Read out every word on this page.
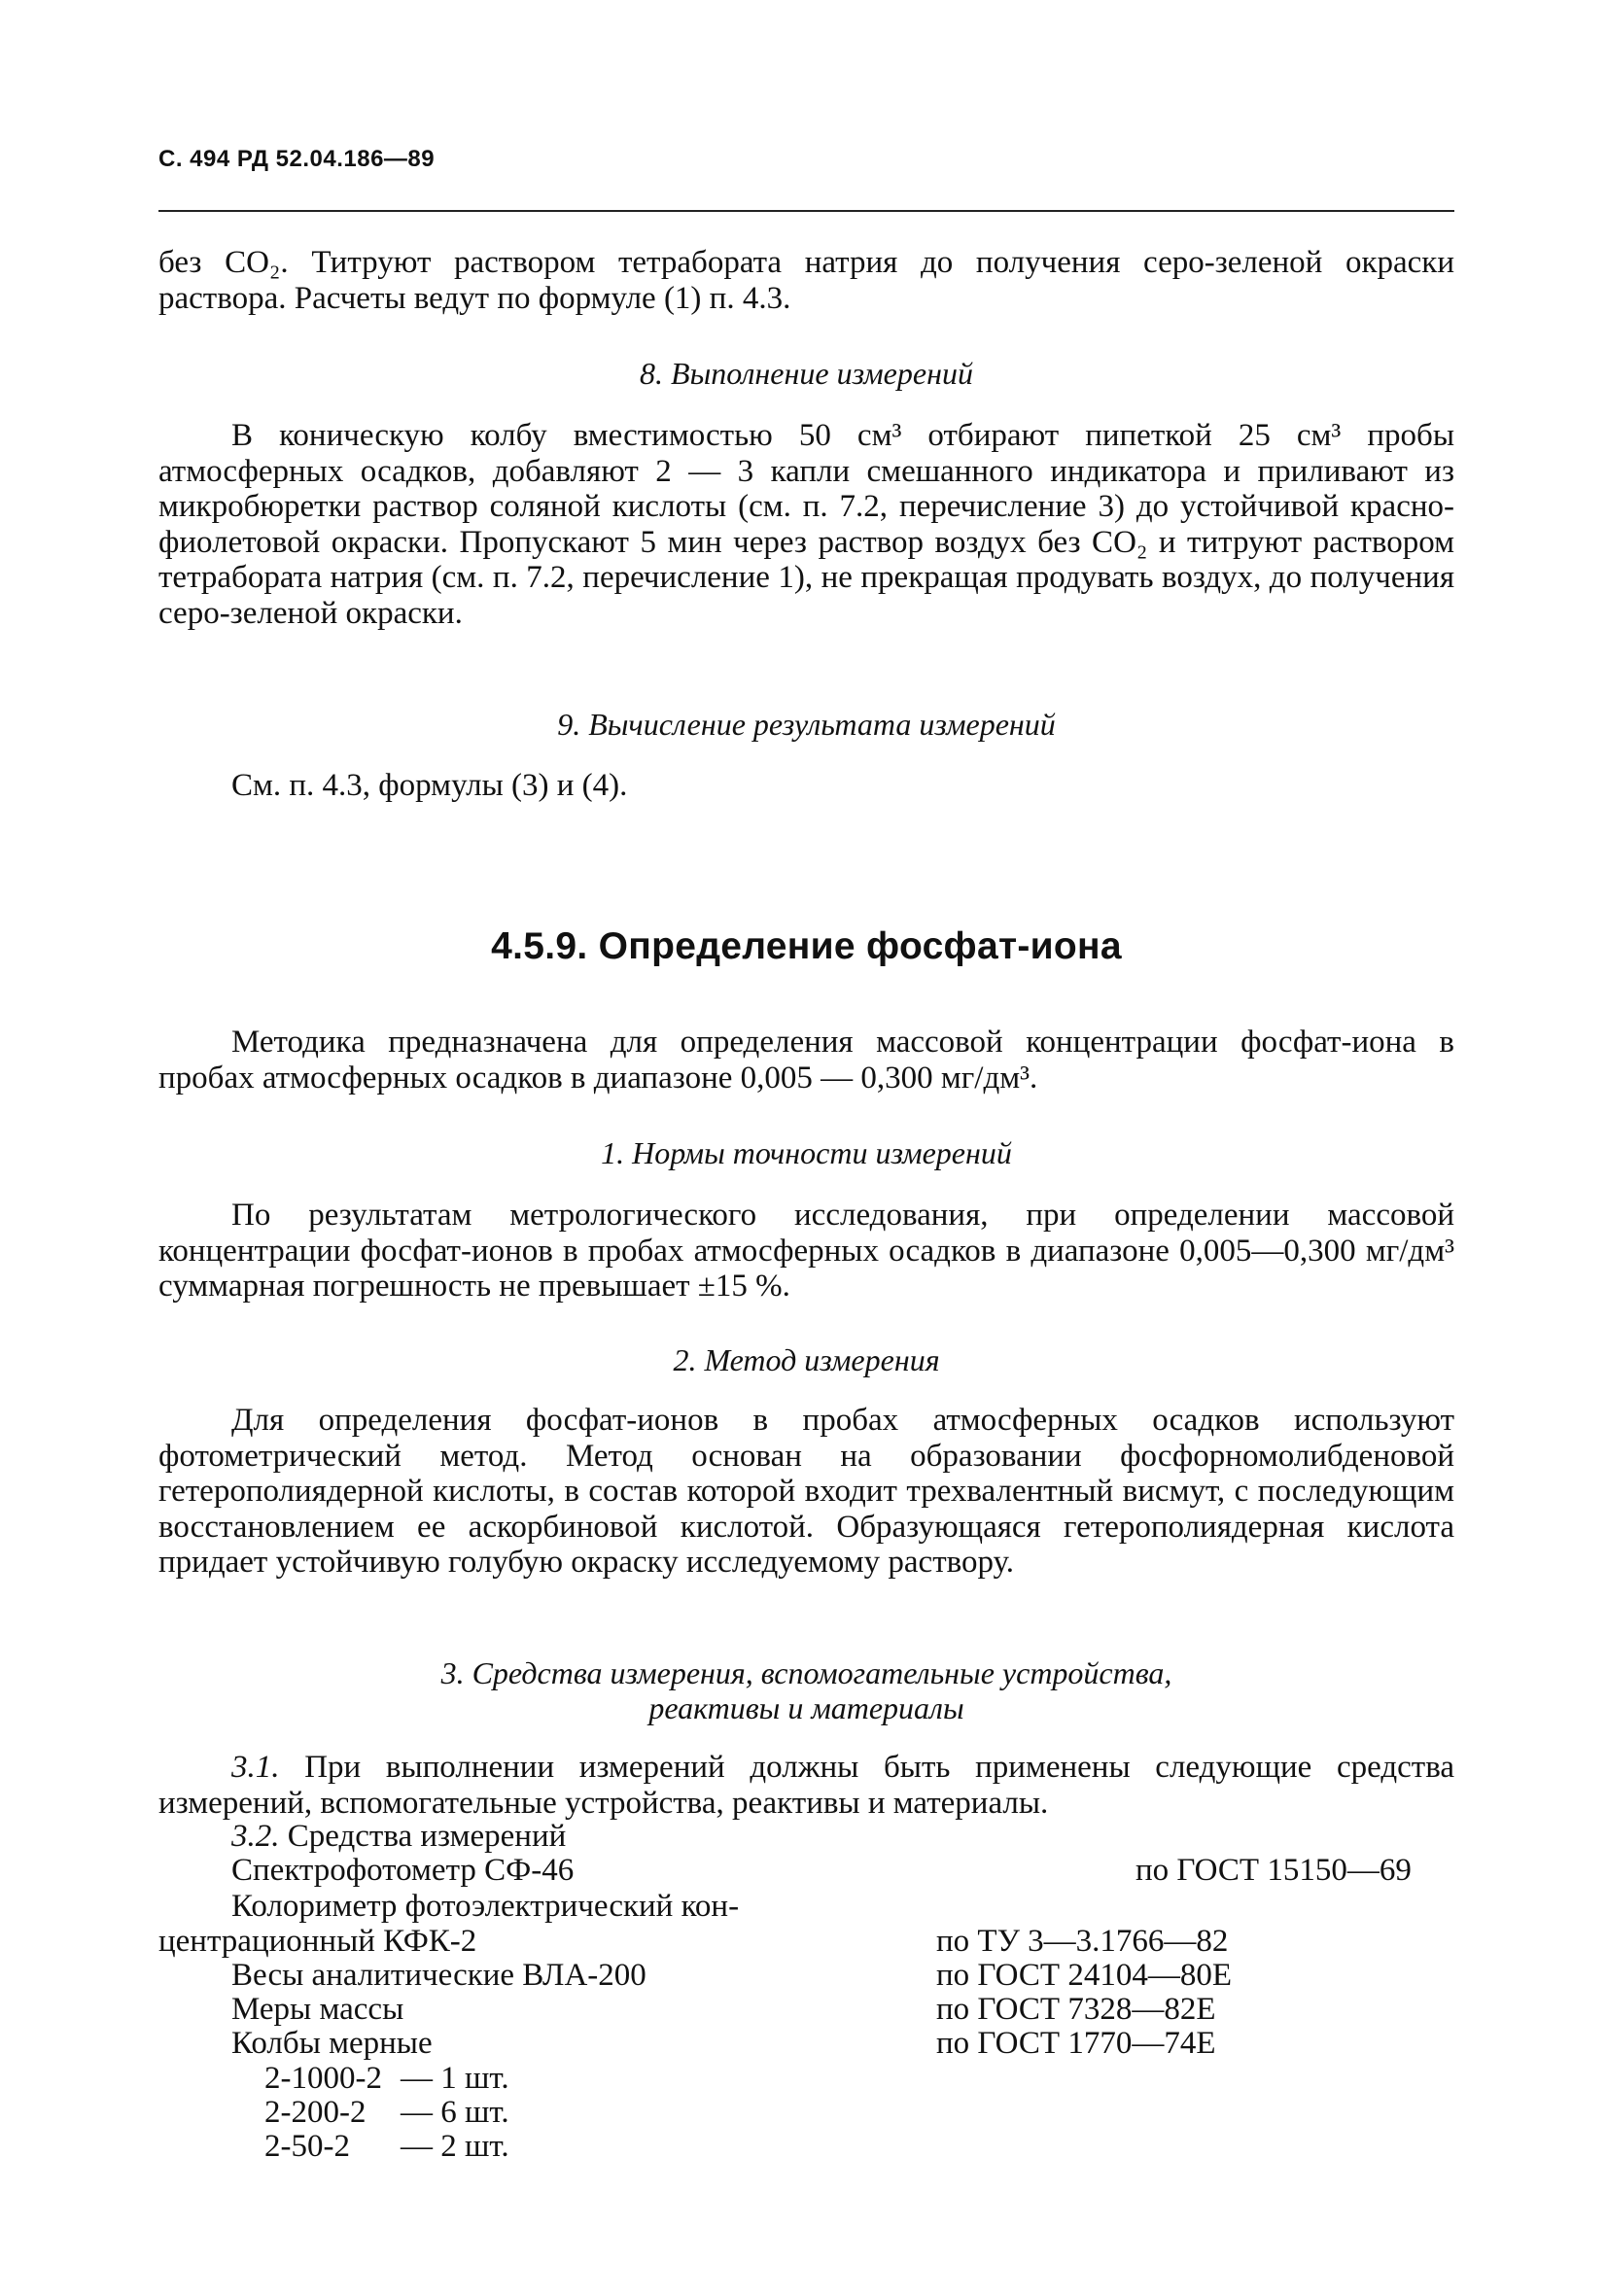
С. 494 РД 52.04.186—89

без CO₂. Титруют раствором тетрабората натрия до получения серо-зеленой окраски раствора. Расчеты ведут по формуле (1) п. 4.3.

8. Выполнение измерений

В коническую колбу вместимостью 50 см³ отбирают пипеткой 25 см³ пробы атмосферных осадков, добавляют 2 — 3 капли смешанного индикатора и приливают из микробюретки раствор соляной кислоты (см. п. 7.2, перечисление 3) до устойчивой красно-фиолетовой окраски. Пропускают 5 мин через раствор воздух без CO₂ и титруют раствором тетрабората натрия (см. п. 7.2, перечисление 1), не прекращая продувать воздух, до получения серо-зеленой окраски.

9. Вычисление результата измерений

См. п. 4.3, формулы (3) и (4).

4.5.9. Определение фосфат-иона

Методика предназначена для определения массовой концентрации фосфат-иона в пробах атмосферных осадков в диапазоне 0,005 — 0,300 мг/дм³.

1. Нормы точности измерений

По результатам метрологического исследования, при определении массовой концентрации фосфат-ионов в пробах атмосферных осадков в диапазоне 0,005—0,300 мг/дм³ суммарная погрешность не превышает ±15 %.

2. Метод измерения

Для определения фосфат-ионов в пробах атмосферных осадков используют фотометрический метод. Метод основан на образовании фосфорномолибденовой гетерополиядерной кислоты, в состав которой входит трехвалентный висмут, с последующим восстановлением ее аскорбиновой кислотой. Образующаяся гетерополиядерная кислота придает устойчивую голубую окраску исследуемому раствору.

3. Средства измерения, вспомогательные устройства,
реактивы и материалы

3.1. При выполнении измерений должны быть применены следующие средства измерений, вспомогательные устройства, реактивы и материалы.

3.2. Средства измерений
Спектрофотометр СФ-46	по ГОСТ 15150—69
Колориметр фотоэлектрический кон-
центрационный КФК-2	по ТУ 3—3.1766—82
Весы аналитические ВЛА-200	по ГОСТ 24104—80Е
Меры массы	по ГОСТ 7328—82Е
Колбы мерные	по ГОСТ 1770—74Е
2-1000-2 — 1 шт.
2-200-2 — 6 шт.
2-50-2 — 2 шт.
